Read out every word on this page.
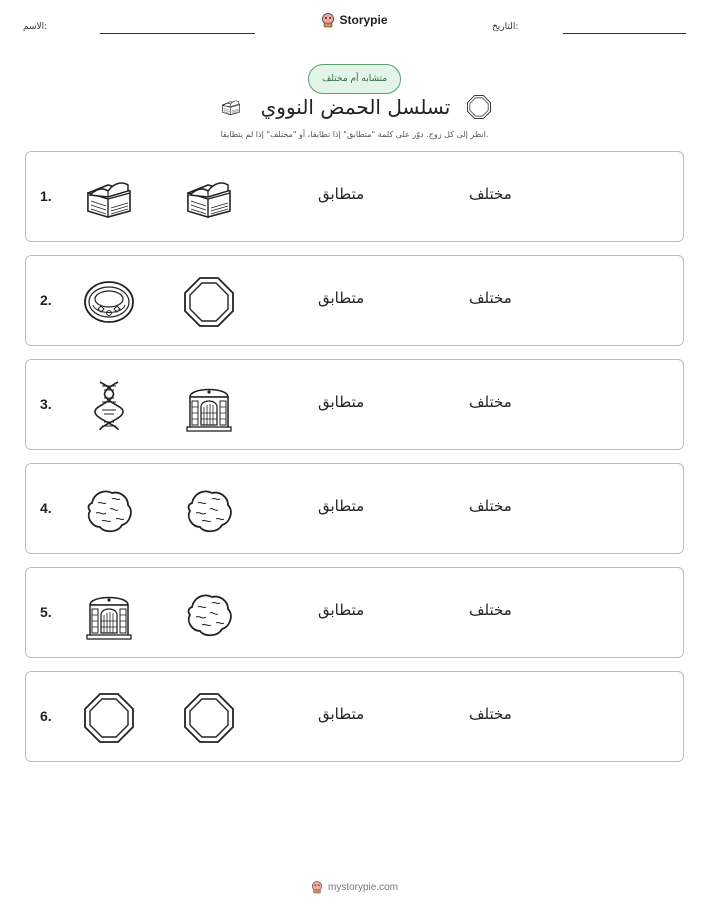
الاسم:	التاريخ:
Storypie
متشابه أم مختلف
تسلسل الحمض النووي
انظر إلى كل زوج. دوّر على كلمة "متطابق" إذا تطابقا، أو "مختلف" إذا لم يتطابقا.
1.	متطابق	مختلف
2.	متطابق	مختلف
3.	متطابق	مختلف
4.	متطابق	مختلف
5.	متطابق	مختلف
6.	متطابق	مختلف
mystorypie.com
